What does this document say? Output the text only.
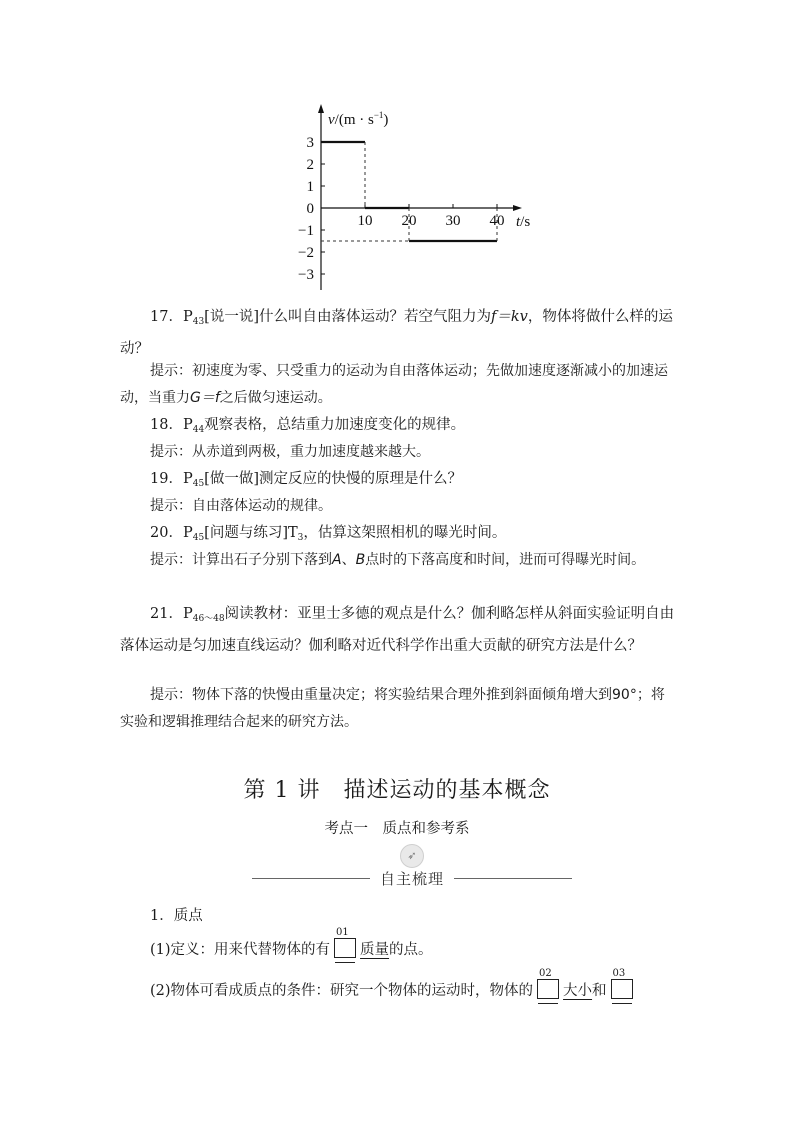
$v/(m \cdot s^{-1})$
t/s
3
2
1
0
−1
−2
−3
10 20 30 40

17．$P_{43}$[说一说]什么叫自由落体运动？若空气阻力为f＝kv，物体将做什么样的运动？

提示：初速度为零、只受重力的运动为自由落体运动；先做加速度逐渐减小的加速运动，当重力G＝f之后做匀速运动。

18．$P_{44}$观察表格，总结重力加速度变化的规律。

提示：从赤道到两极，重力加速度越来越大。

19．$P_{45}$[做一做]测定反应的快慢的原理是什么？

提示：自由落体运动的规律。

20．$P_{45}$[问题与练习]$T_3$，估算这架照相机的曝光时间。

提示：计算出石子分别下落到A、B点时的下落高度和时间，进而可得曝光时间。

21．$P_{46\sim 48}$阅读教材：亚里士多德的观点是什么？伽利略怎样从斜面实验证明自由落体运动是匀加速直线运动？伽利略对近代科学作出重大贡献的研究方法是什么？

提示：物体下落的快慢由重量决定；将实验结果合理外推到斜面倾角增大到90°；将实验和逻辑推理结合起来的研究方法。

第 1 讲　描述运动的基本概念
考点一　质点和参考系
➶
自主梳理

1．质点

(1)定义：用来代替物体的有
01
质量的点。

(2)物体可看成质点的条件：研究一个物体的运动时，物体的
02
大小和
03
